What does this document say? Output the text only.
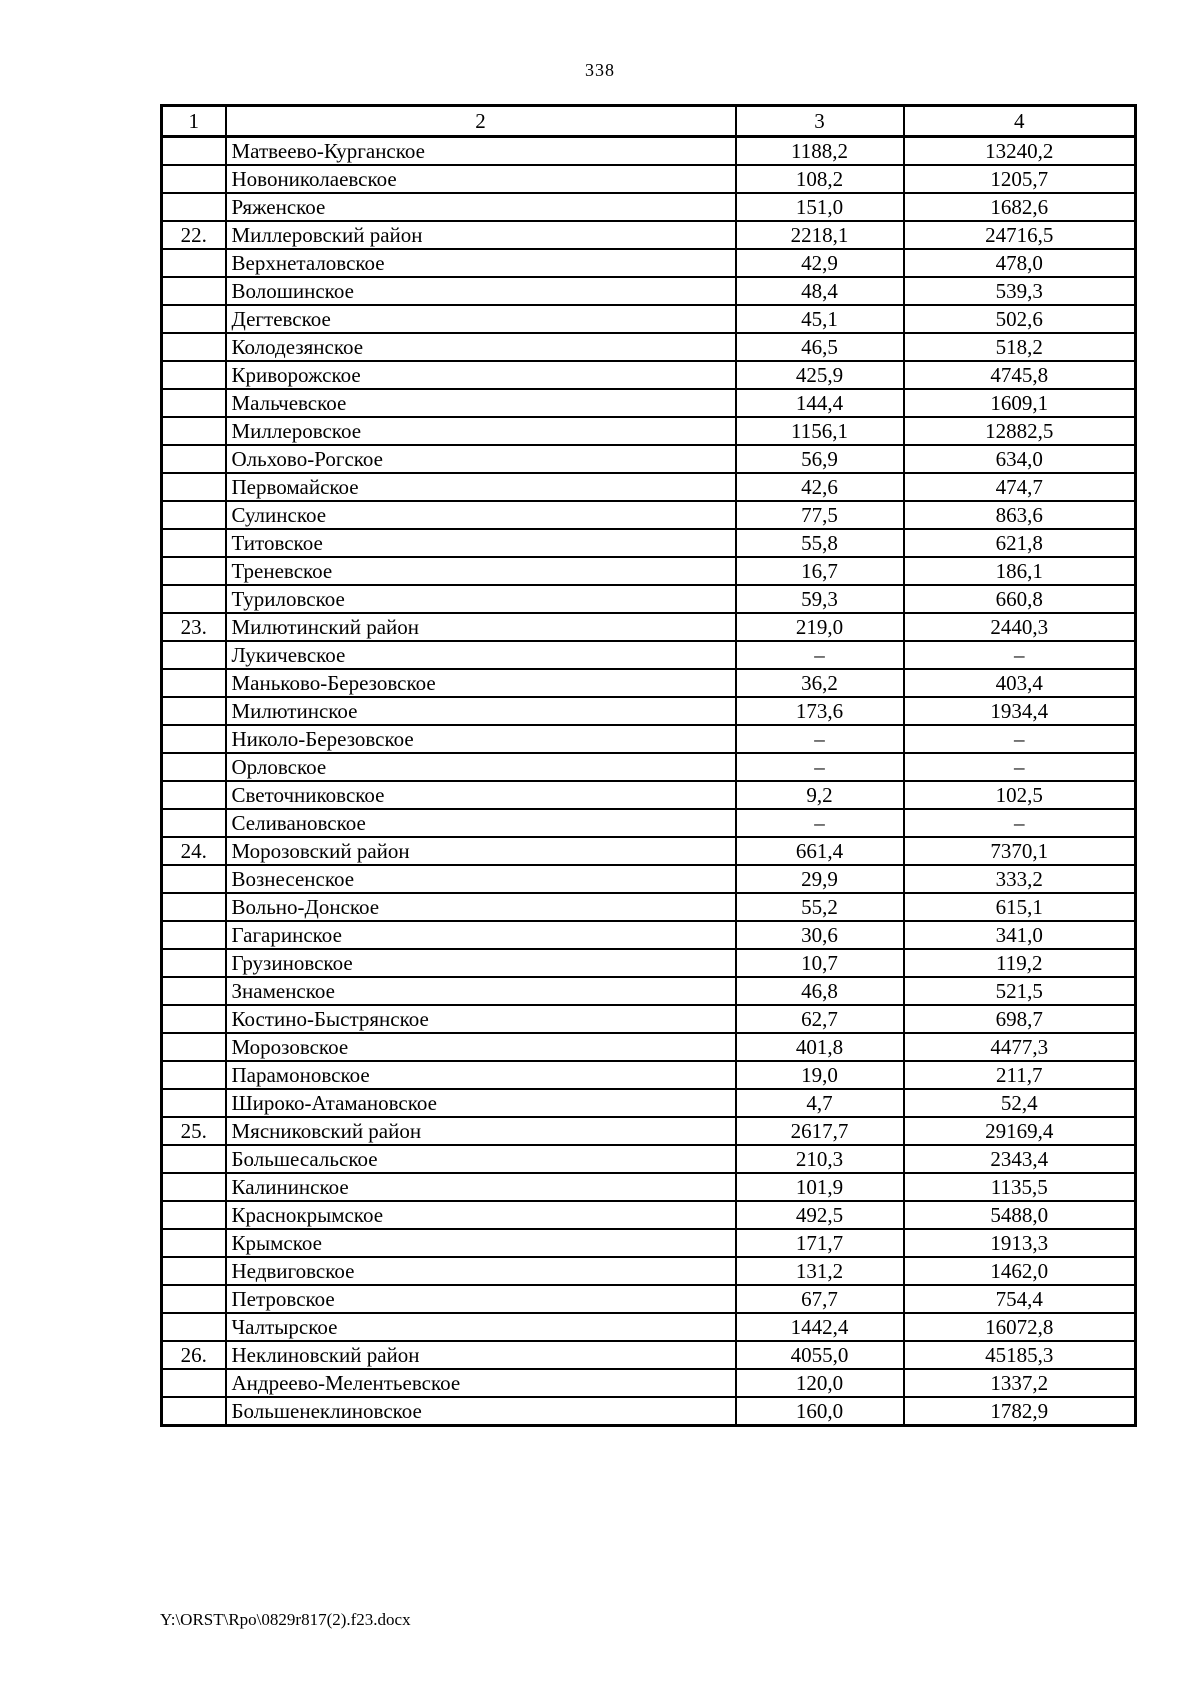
338
1	2	3	4
	Матвеево-Курганское	1188,2	13240,2
	Новониколаевское	108,2	1205,7
	Ряженское	151,0	1682,6
22.	Миллеровский район	2218,1	24716,5
	Верхнеталовское	42,9	478,0
	Волошинское	48,4	539,3
	Дегтевское	45,1	502,6
	Колодезянское	46,5	518,2
	Криворожское	425,9	4745,8
	Мальчевское	144,4	1609,1
	Миллеровское	1156,1	12882,5
	Ольхово-Рогское	56,9	634,0
	Первомайское	42,6	474,7
	Сулинское	77,5	863,6
	Титовское	55,8	621,8
	Треневское	16,7	186,1
	Туриловское	59,3	660,8
23.	Милютинский район	219,0	2440,3
	Лукичевское	–	–
	Маньково-Березовское	36,2	403,4
	Милютинское	173,6	1934,4
	Николо-Березовское	–	–
	Орловское	–	–
	Светочниковское	9,2	102,5
	Селивановское	–	–
24.	Морозовский район	661,4	7370,1
	Вознесенское	29,9	333,2
	Вольно-Донское	55,2	615,1
	Гагаринское	30,6	341,0
	Грузиновское	10,7	119,2
	Знаменское	46,8	521,5
	Костино-Быстрянское	62,7	698,7
	Морозовское	401,8	4477,3
	Парамоновское	19,0	211,7
	Широко-Атамановское	4,7	52,4
25.	Мясниковский район	2617,7	29169,4
	Большесальское	210,3	2343,4
	Калининское	101,9	1135,5
	Краснокрымское	492,5	5488,0
	Крымское	171,7	1913,3
	Недвиговское	131,2	1462,0
	Петровское	67,7	754,4
	Чалтырское	1442,4	16072,8
26.	Неклиновский район	4055,0	45185,3
	Андреево-Мелентьевское	120,0	1337,2
	Большенеклиновское	160,0	1782,9
Y:\ORST\Rpo\0829r817(2).f23.docx
